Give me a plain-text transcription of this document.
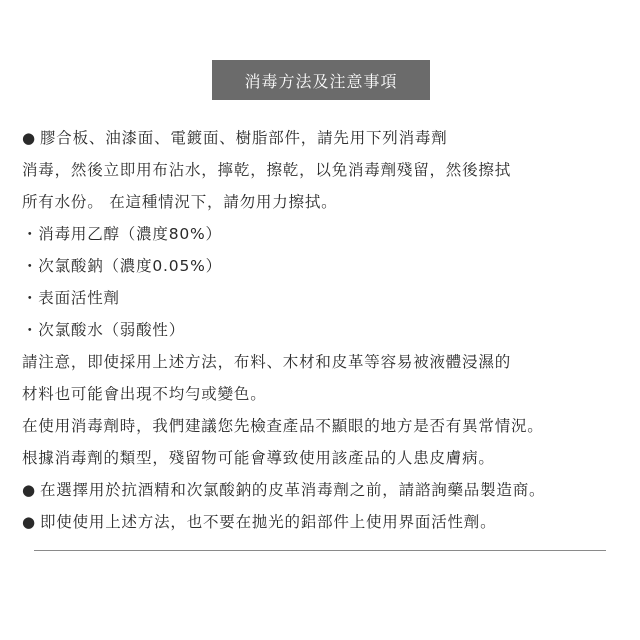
消毒方法及注意事項
● 膠合板、油漆面、電鍍面、樹脂部件，請先用下列消毒劑
消毒，然後立即用布沾水，擰乾，擦乾，以免消毒劑殘留，然後擦拭
所有水份。 在這種情況下，請勿用力擦拭。
・消毒用乙醇（濃度80%）
・次氯酸鈉（濃度0.05%）
・表面活性劑
・次氯酸水（弱酸性）
請注意，即使採用上述方法，布料、木材和皮革等容易被液體浸濕的
材料也可能會出現不均勻或變色。
在使用消毒劑時，我們建議您先檢查產品不顯眼的地方是否有異常情況。
根據消毒劑的類型，殘留物可能會導致使用該產品的人患皮膚病。
● 在選擇用於抗酒精和次氯酸鈉的皮革消毒劑之前，請諮詢藥品製造商。
● 即使使用上述方法，也不要在拋光的鋁部件上使用界面活性劑。
